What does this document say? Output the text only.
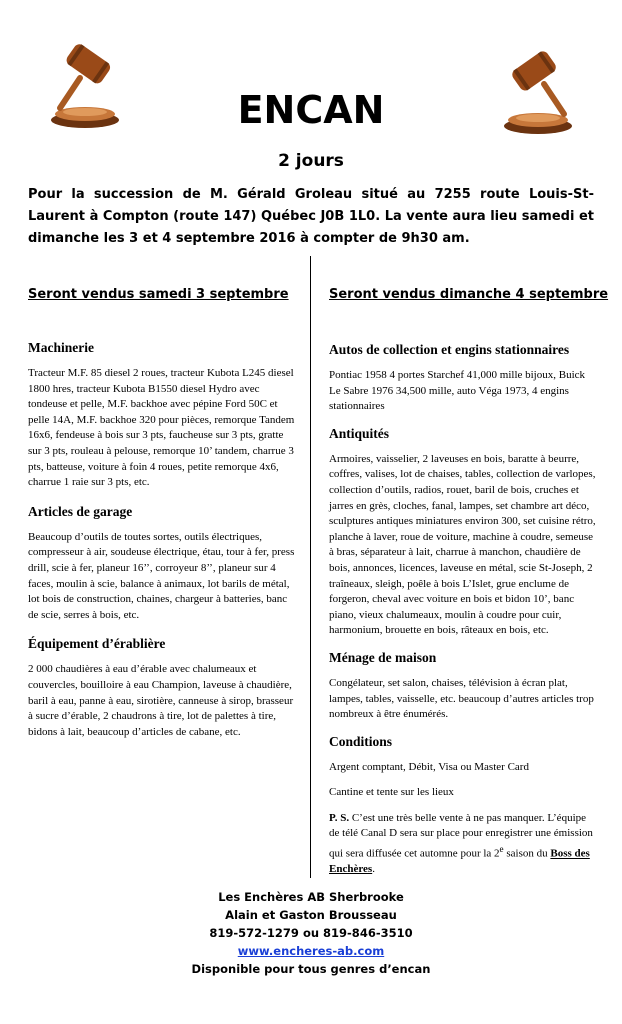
ENCAN
2 jours
Pour la succession de M. Gérald Groleau situé au 7255 route Louis-St-Laurent à Compton (route 147) Québec J0B 1L0. La vente aura lieu samedi et dimanche les 3 et 4 septembre 2016 à compter de 9h30 am.
Seront vendus samedi 3 septembre	Seront vendus dimanche 4 septembre
Machinerie

Tracteur M.F. 85 diesel 2 roues, tracteur Kubota L245 diesel 1800 hres, tracteur Kubota B1550 diesel Hydro avec tondeuse et pelle, M.F. backhoe avec pépine Ford 50C et pelle 14A, M.F. backhoe 320 pour pièces, remorque Tandem 16x6, fendeuse à bois sur 3 pts, faucheuse sur 3 pts, gratte sur 3 pts, rouleau à pelouse, remorque 10’ tandem, charrue 3 pts, batteuse, voiture à foin 4 roues, petite remorque 4x6, charrue 1 raie sur 3 pts, etc.

Articles de garage

Beaucoup d’outils de toutes sortes, outils électriques, compresseur à air, soudeuse électrique, étau, tour à fer, press drill, scie à fer, planeur 16’’, corroyeur 8’’, planeur sur 4 faces, moulin à scie, balance à animaux, lot barils de métal, lot bois de construction, chaines, chargeur à batteries, banc de scie, serres à bois, etc.

Équipement d’érablière

2 000 chaudières à eau d’érable avec chalumeaux et couvercles, bouilloire à eau Champion, laveuse à chaudière, baril à eau, panne à eau, sirotière, canneuse à sirop, brasseur à sucre d’érable, 2 chaudrons à tire, lot de palettes à tire, bidons à lait, beaucoup d’articles de cabane, etc.

Autos de collection et engins stationnaires

Pontiac 1958 4 portes Starchef 41,000 mille bijoux, Buick Le Sabre 1976 34,500 mille, auto Véga 1973, 4 engins stationnaires

Antiquités

Armoires, vaisselier, 2 laveuses en bois, baratte à beurre, coffres, valises, lot de chaises, tables, collection de varlopes, collection d’outils, radios, rouet, baril de bois, cruches et jarres en grès, cloches, fanal, lampes, set chambre art déco, sculptures antiques miniatures environ 300, set cuisine rétro, planche à laver, roue de voiture, machine à coudre, semeuse à bras, séparateur à lait, charrue à manchon, chaudière de bois, annonces, licences, laveuse en métal, scie St-Joseph, 2 traîneaux, sleigh, poêle à bois L’Islet, grue enclume de forgeron, cheval avec voiture en bois et bidon 10’, banc piano, vieux chalumeaux, moulin à coudre pour cuir, harmonium, brouette en bois, râteaux en bois, etc.

Ménage de maison

Congélateur, set salon, chaises, télévision à écran plat, lampes, tables, vaisselle, etc. beaucoup d’autres articles trop nombreux à être énumérés.

Conditions

Argent comptant, Débit, Visa ou Master Card

Cantine et tente sur les lieux

P. S. C’est une très belle vente à ne pas manquer. L’équipe de télé Canal D sera sur place pour enregistrer une émission qui sera diffusée cet automne pour la 2e saison du Boss des Enchères.

Les Enchères AB Sherbrooke
Alain et Gaston Brousseau
819-572-1279 ou 819-846-3510
www.encheres-ab.com
Disponible pour tous genres d’encan
